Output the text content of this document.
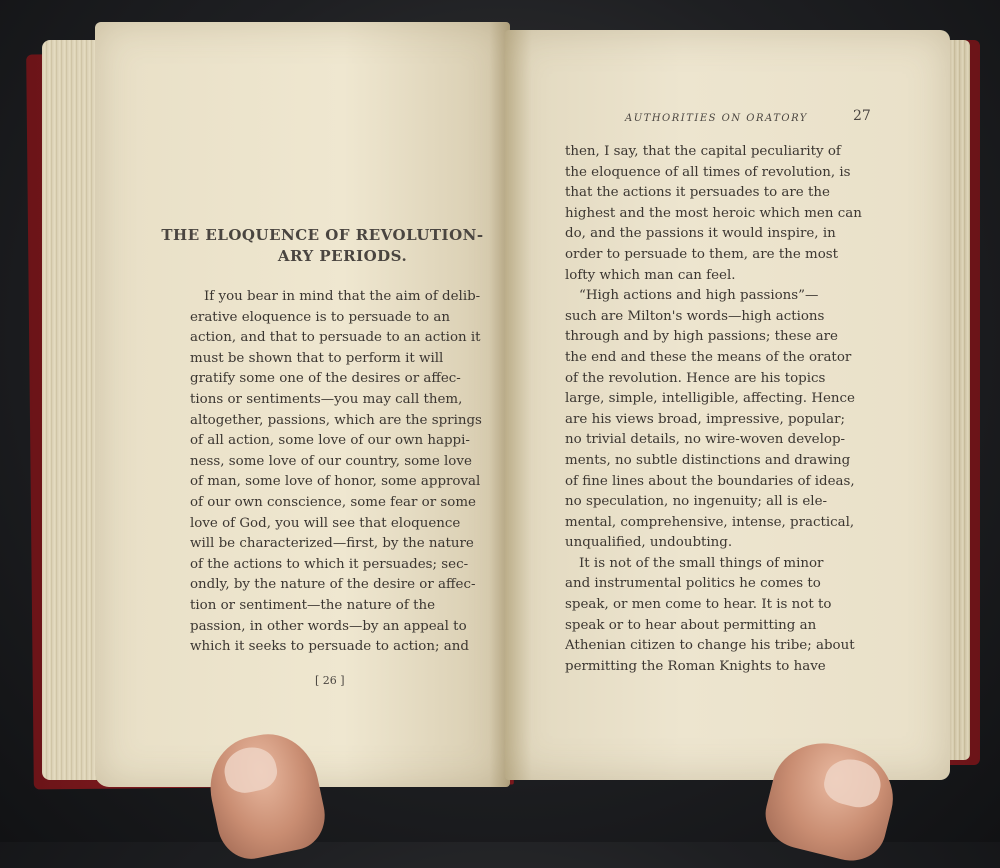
THE ELOQUENCE OF REVOLUTION-
ARY PERIODS.
If you bear in mind that the aim of delib-
erative eloquence is to persuade to an
action, and that to persuade to an action it
must be shown that to perform it will
gratify some one of the desires or affec-
tions or sentiments—you may call them,
altogether, passions, which are the springs
of all action, some love of our own happi-
ness, some love of our country, some love
of man, some love of honor, some approval
of our own conscience, some fear or some
love of God, you will see that eloquence
will be characterized—first, by the nature
of the actions to which it persuades; sec-
ondly, by the nature of the desire or affec-
tion or sentiment—the nature of the
passion, in other words—by an appeal to
which it seeks to persuade to action; and
[ 26 ]
AUTHORITIES ON ORATORY	27
then, I say, that the capital peculiarity of
the eloquence of all times of revolution, is
that the actions it persuades to are the
highest and the most heroic which men can
do, and the passions it would inspire, in
order to persuade to them, are the most
lofty which man can feel.
“High actions and high passions”—
such are Milton's words—high actions
through and by high passions; these are
the end and these the means of the orator
of the revolution. Hence are his topics
large, simple, intelligible, affecting. Hence
are his views broad, impressive, popular;
no trivial details, no wire-woven develop-
ments, no subtle distinctions and drawing
of fine lines about the boundaries of ideas,
no speculation, no ingenuity; all is ele-
mental, comprehensive, intense, practical,
unqualified, undoubting.
It is not of the small things of minor
and instrumental politics he comes to
speak, or men come to hear. It is not to
speak or to hear about permitting an
Athenian citizen to change his tribe; about
permitting the Roman Knights to have
